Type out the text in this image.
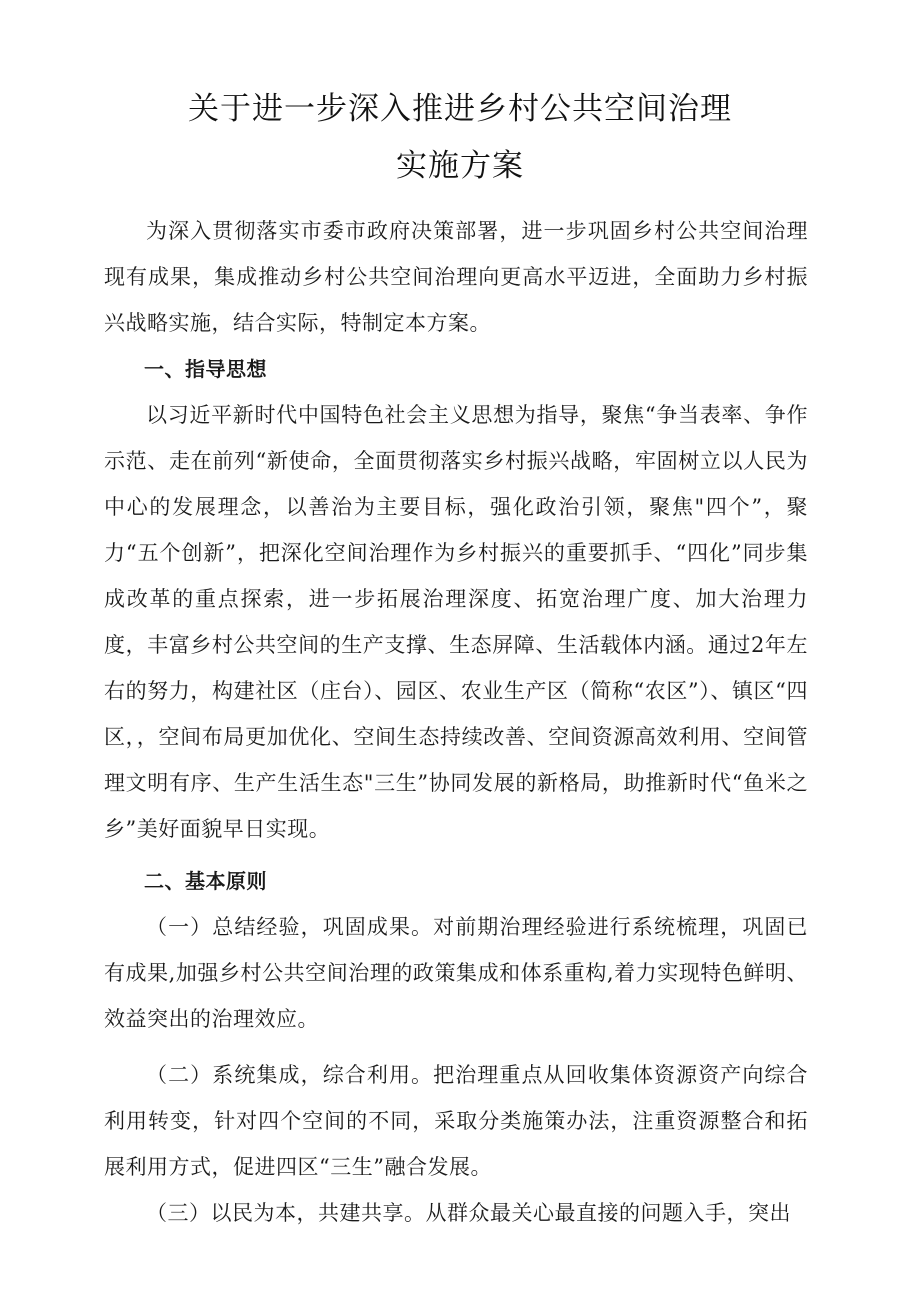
关于进一步深入推进乡村公共空间治理
实施方案

为深入贯彻落实市委市政府决策部署，进一步巩固乡村公共空间治理现有成果，集成推动乡村公共空间治理向更高水平迈进，全面助力乡村振兴战略实施，结合实际，特制定本方案。

一、指导思想

以习近平新时代中国特色社会主义思想为指导，聚焦“争当表率、争作示范、走在前列“新使命，全面贯彻落实乡村振兴战略，牢固树立以人民为中心的发展理念，以善治为主要目标，强化政治引领，聚焦"四个”，聚力“五个创新”，把深化空间治理作为乡村振兴的重要抓手、“四化”同步集成改革的重点探索，进一步拓展治理深度、拓宽治理广度、加大治理力度，丰富乡村公共空间的生产支撑、生态屏障、生活载体内涵。通过2年左右的努力，构建社区（庄台）、园区、农业生产区（简称“农区”）、镇区“四区，，空间布局更加优化、空间生态持续改善、空间资源高效利用、空间管理文明有序、生产生活生态"三生”协同发展的新格局，助推新时代“鱼米之乡”美好面貌早日实现。

二、基本原则

（一）总结经验，巩固成果。对前期治理经验进行系统梳理，巩固已有成果,加强乡村公共空间治理的政策集成和体系重构,着力实现特色鲜明、效益突出的治理效应。

（二）系统集成，综合利用。把治理重点从回收集体资源资产向综合利用转变，针对四个空间的不同，采取分类施策办法，注重资源整合和拓展利用方式，促进四区“三生”融合发展。

（三）以民为本，共建共享。从群众最关心最直接的问题入手，突出
